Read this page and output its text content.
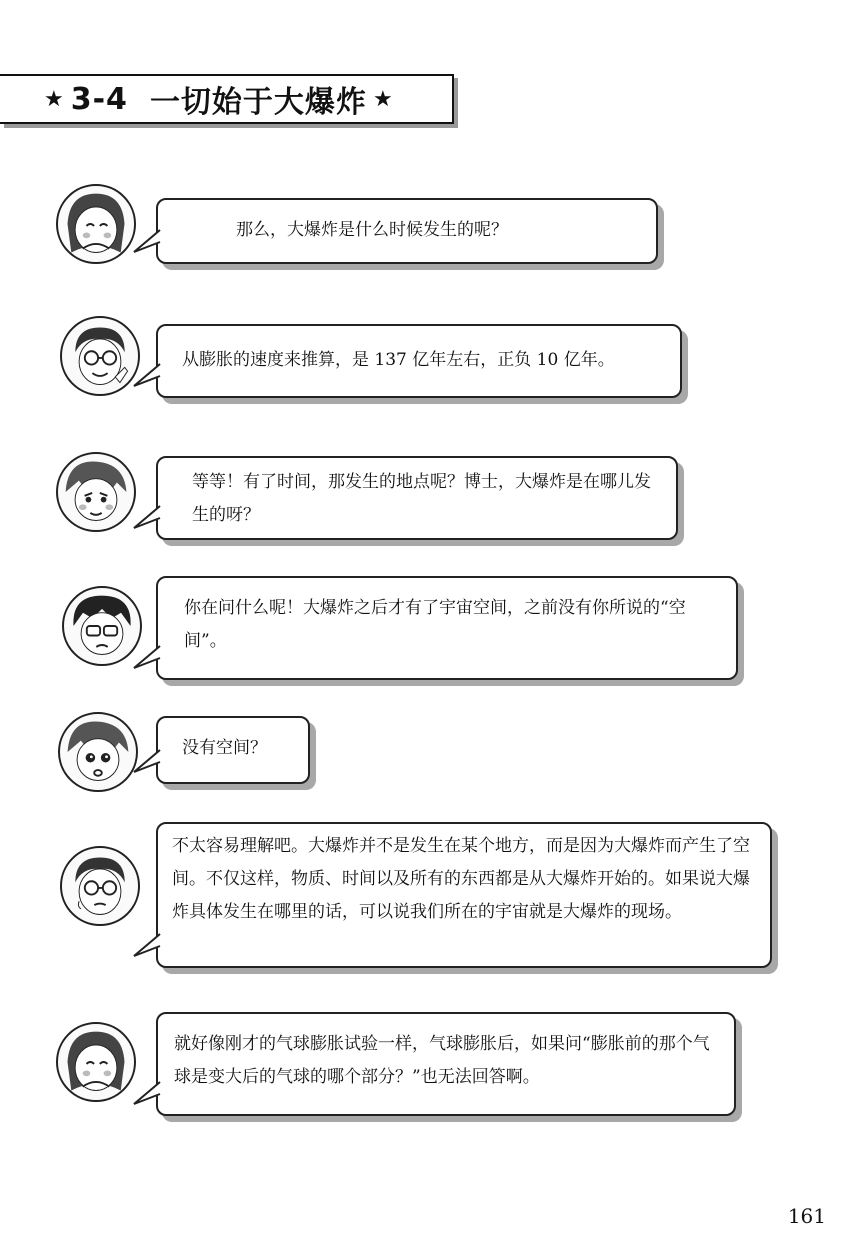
★ 3-4 一切始于大爆炸 ★
那么，大爆炸是什么时候发生的呢？
从膨胀的速度来推算，是 137 亿年左右，正负 10 亿年。
等等！有了时间，那发生的地点呢？博士，大爆炸是在哪儿发生的呀？
你在问什么呢！大爆炸之后才有了宇宙空间，之前没有你所说的“空间”。
没有空间？
不太容易理解吧。大爆炸并不是发生在某个地方，而是因为大爆炸而产生了空间。不仅这样，物质、时间以及所有的东西都是从大爆炸开始的。如果说大爆炸具体发生在哪里的话，可以说我们所在的宇宙就是大爆炸的现场。
就好像刚才的气球膨胀试验一样，气球膨胀后，如果问“膨胀前的那个气球是变大后的气球的哪个部分？”也无法回答啊。
161
